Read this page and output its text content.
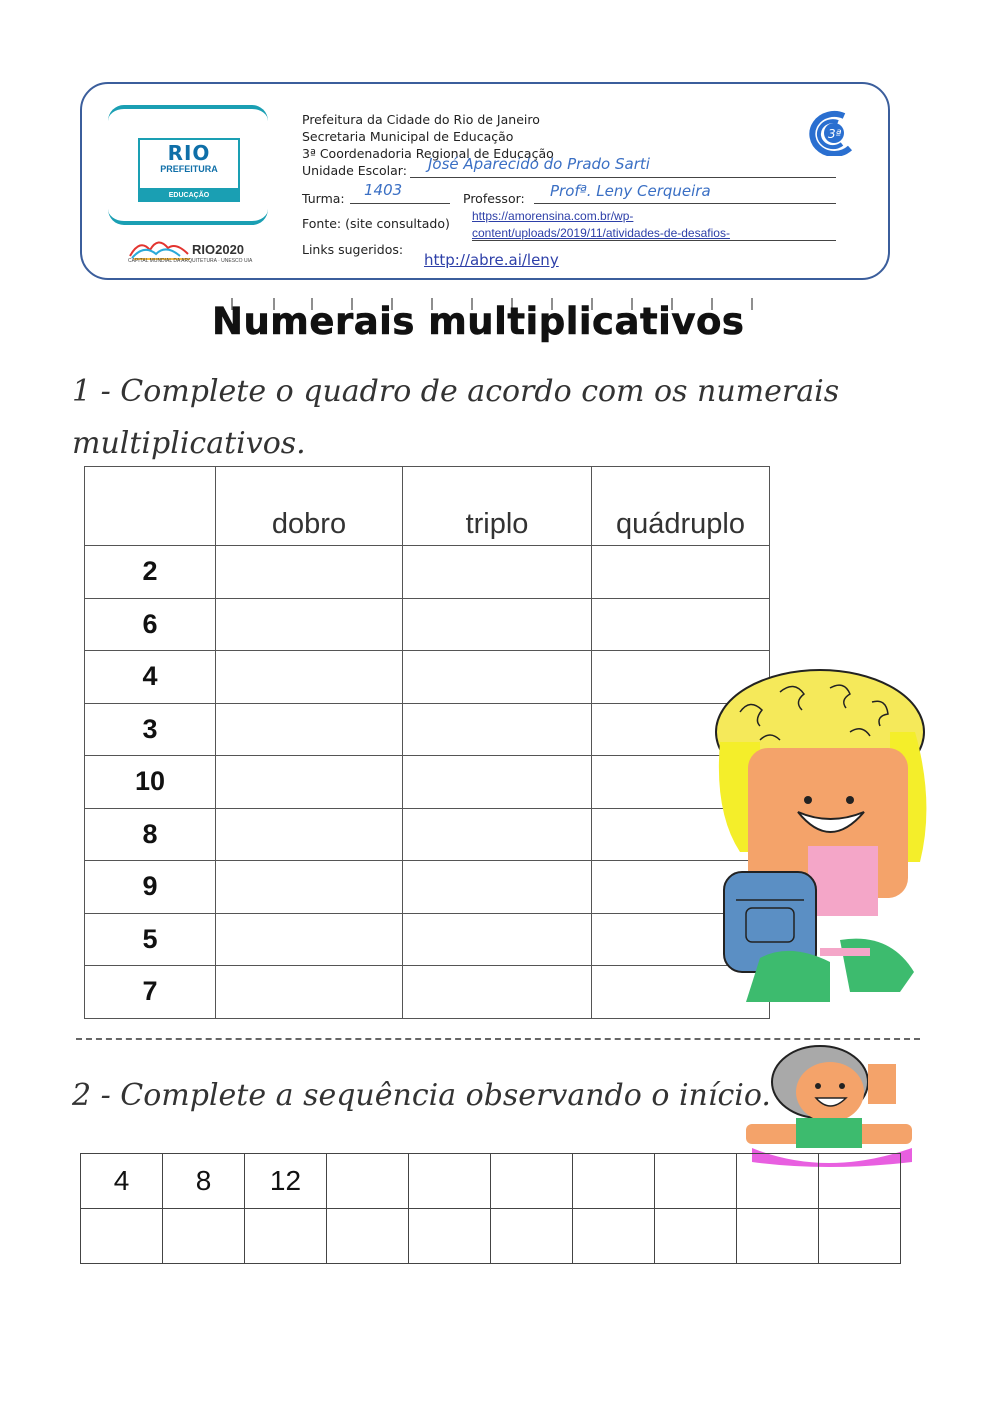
RIO
PREFEITURA
EDUCAÇÃO
RIO2020
CAPITAL MUNDIAL DA ARQUITETURA · UNESCO UIA
Prefeitura da Cidade do Rio de Janeiro
Secretaria Municipal de Educação
3ª Coordenadoria Regional de Educação
Unidade Escolar: José Aparecido do Prado Sarti
Turma: 1403	Professor: Profª. Leny Cerqueira
Fonte: (site consultado) https://amorensina.com.br/wp-
content/uploads/2019/11/atividades-de-desafios-
Links sugeridos:
http://abre.ai/leny
3ª
Numerais multiplicativos
1 - Complete o quadro de acordo com os numerais
multiplicativos.
	dobro	triplo	quádruplo
2			
6			
4			
3			
10			
8			
9			
5			
7			
2 - Complete a sequência observando o início.
4	8	12							
